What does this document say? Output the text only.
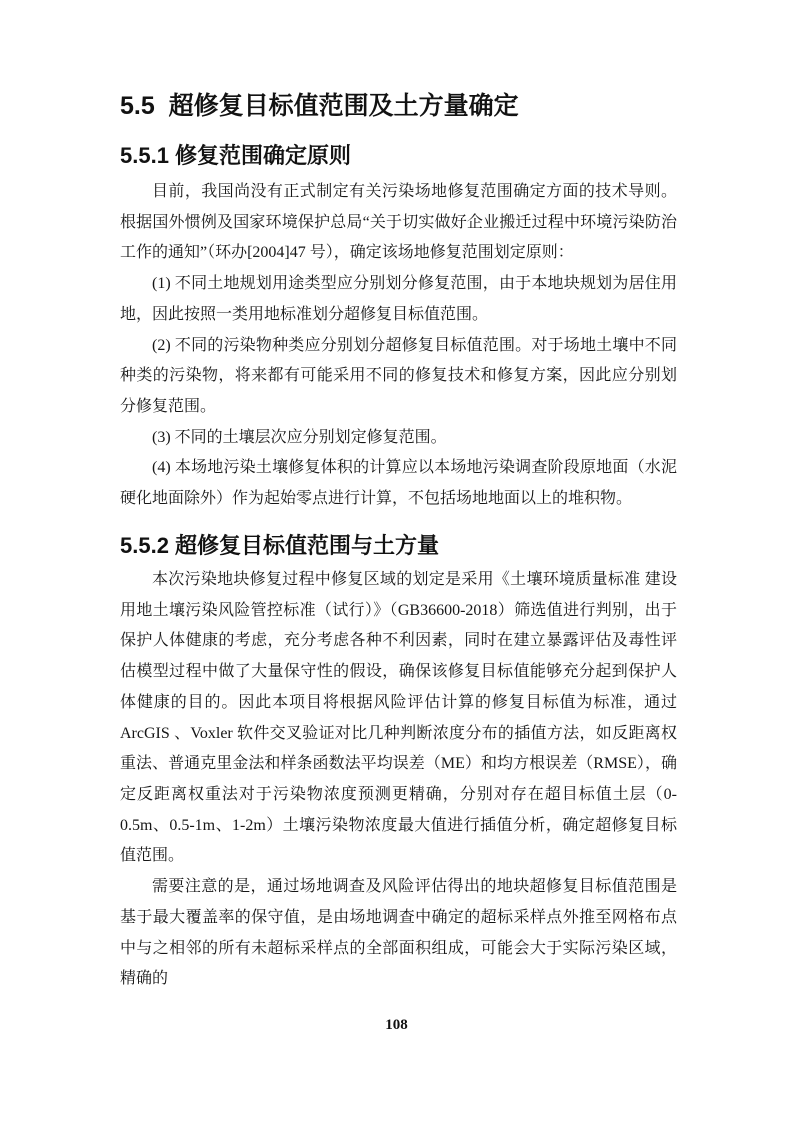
5.5  超修复目标值范围及土方量确定
5.5.1 修复范围确定原则

目前，我国尚没有正式制定有关污染场地修复范围确定方面的技术导则。根据国外惯例及国家环境保护总局“关于切实做好企业搬迁过程中环境污染防治工作的通知”（环办[2004]47 号），确定该场地修复范围划定原则：

(1) 不同土地规划用途类型应分别划分修复范围，由于本地块规划为居住用地，因此按照一类用地标准划分超修复目标值范围。

(2) 不同的污染物种类应分别划分超修复目标值范围。对于场地土壤中不同种类的污染物，将来都有可能采用不同的修复技术和修复方案，因此应分别划分修复范围。

(3) 不同的土壤层次应分别划定修复范围。

(4) 本场地污染土壤修复体积的计算应以本场地污染调查阶段原地面（水泥硬化地面除外）作为起始零点进行计算，不包括场地地面以上的堆积物。

5.5.2 超修复目标值范围与土方量

本次污染地块修复过程中修复区域的划定是采用《土壤环境质量标准 建设用地土壤污染风险管控标准（试行）》（GB36600-2018）筛选值进行判别，出于保护人体健康的考虑，充分考虑各种不利因素，同时在建立暴露评估及毒性评估模型过程中做了大量保守性的假设，确保该修复目标值能够充分起到保护人体健康的目的。因此本项目将根据风险评估计算的修复目标值为标准，通过 ArcGIS 、Voxler 软件交叉验证对比几种判断浓度分布的插值方法，如反距离权重法、普通克里金法和样条函数法平均误差（ME）和均方根误差（RMSE），确定反距离权重法对于污染物浓度预测更精确，分别对存在超目标值土层（0-0.5m、0.5-1m、1-2m）土壤污染物浓度最大值进行插值分析，确定超修复目标值范围。

需要注意的是，通过场地调查及风险评估得出的地块超修复目标值范围是基于最大覆盖率的保守值，是由场地调查中确定的超标采样点外推至网格布点中与之相邻的所有未超标采样点的全部面积组成，可能会大于实际污染区域，精确的

108
